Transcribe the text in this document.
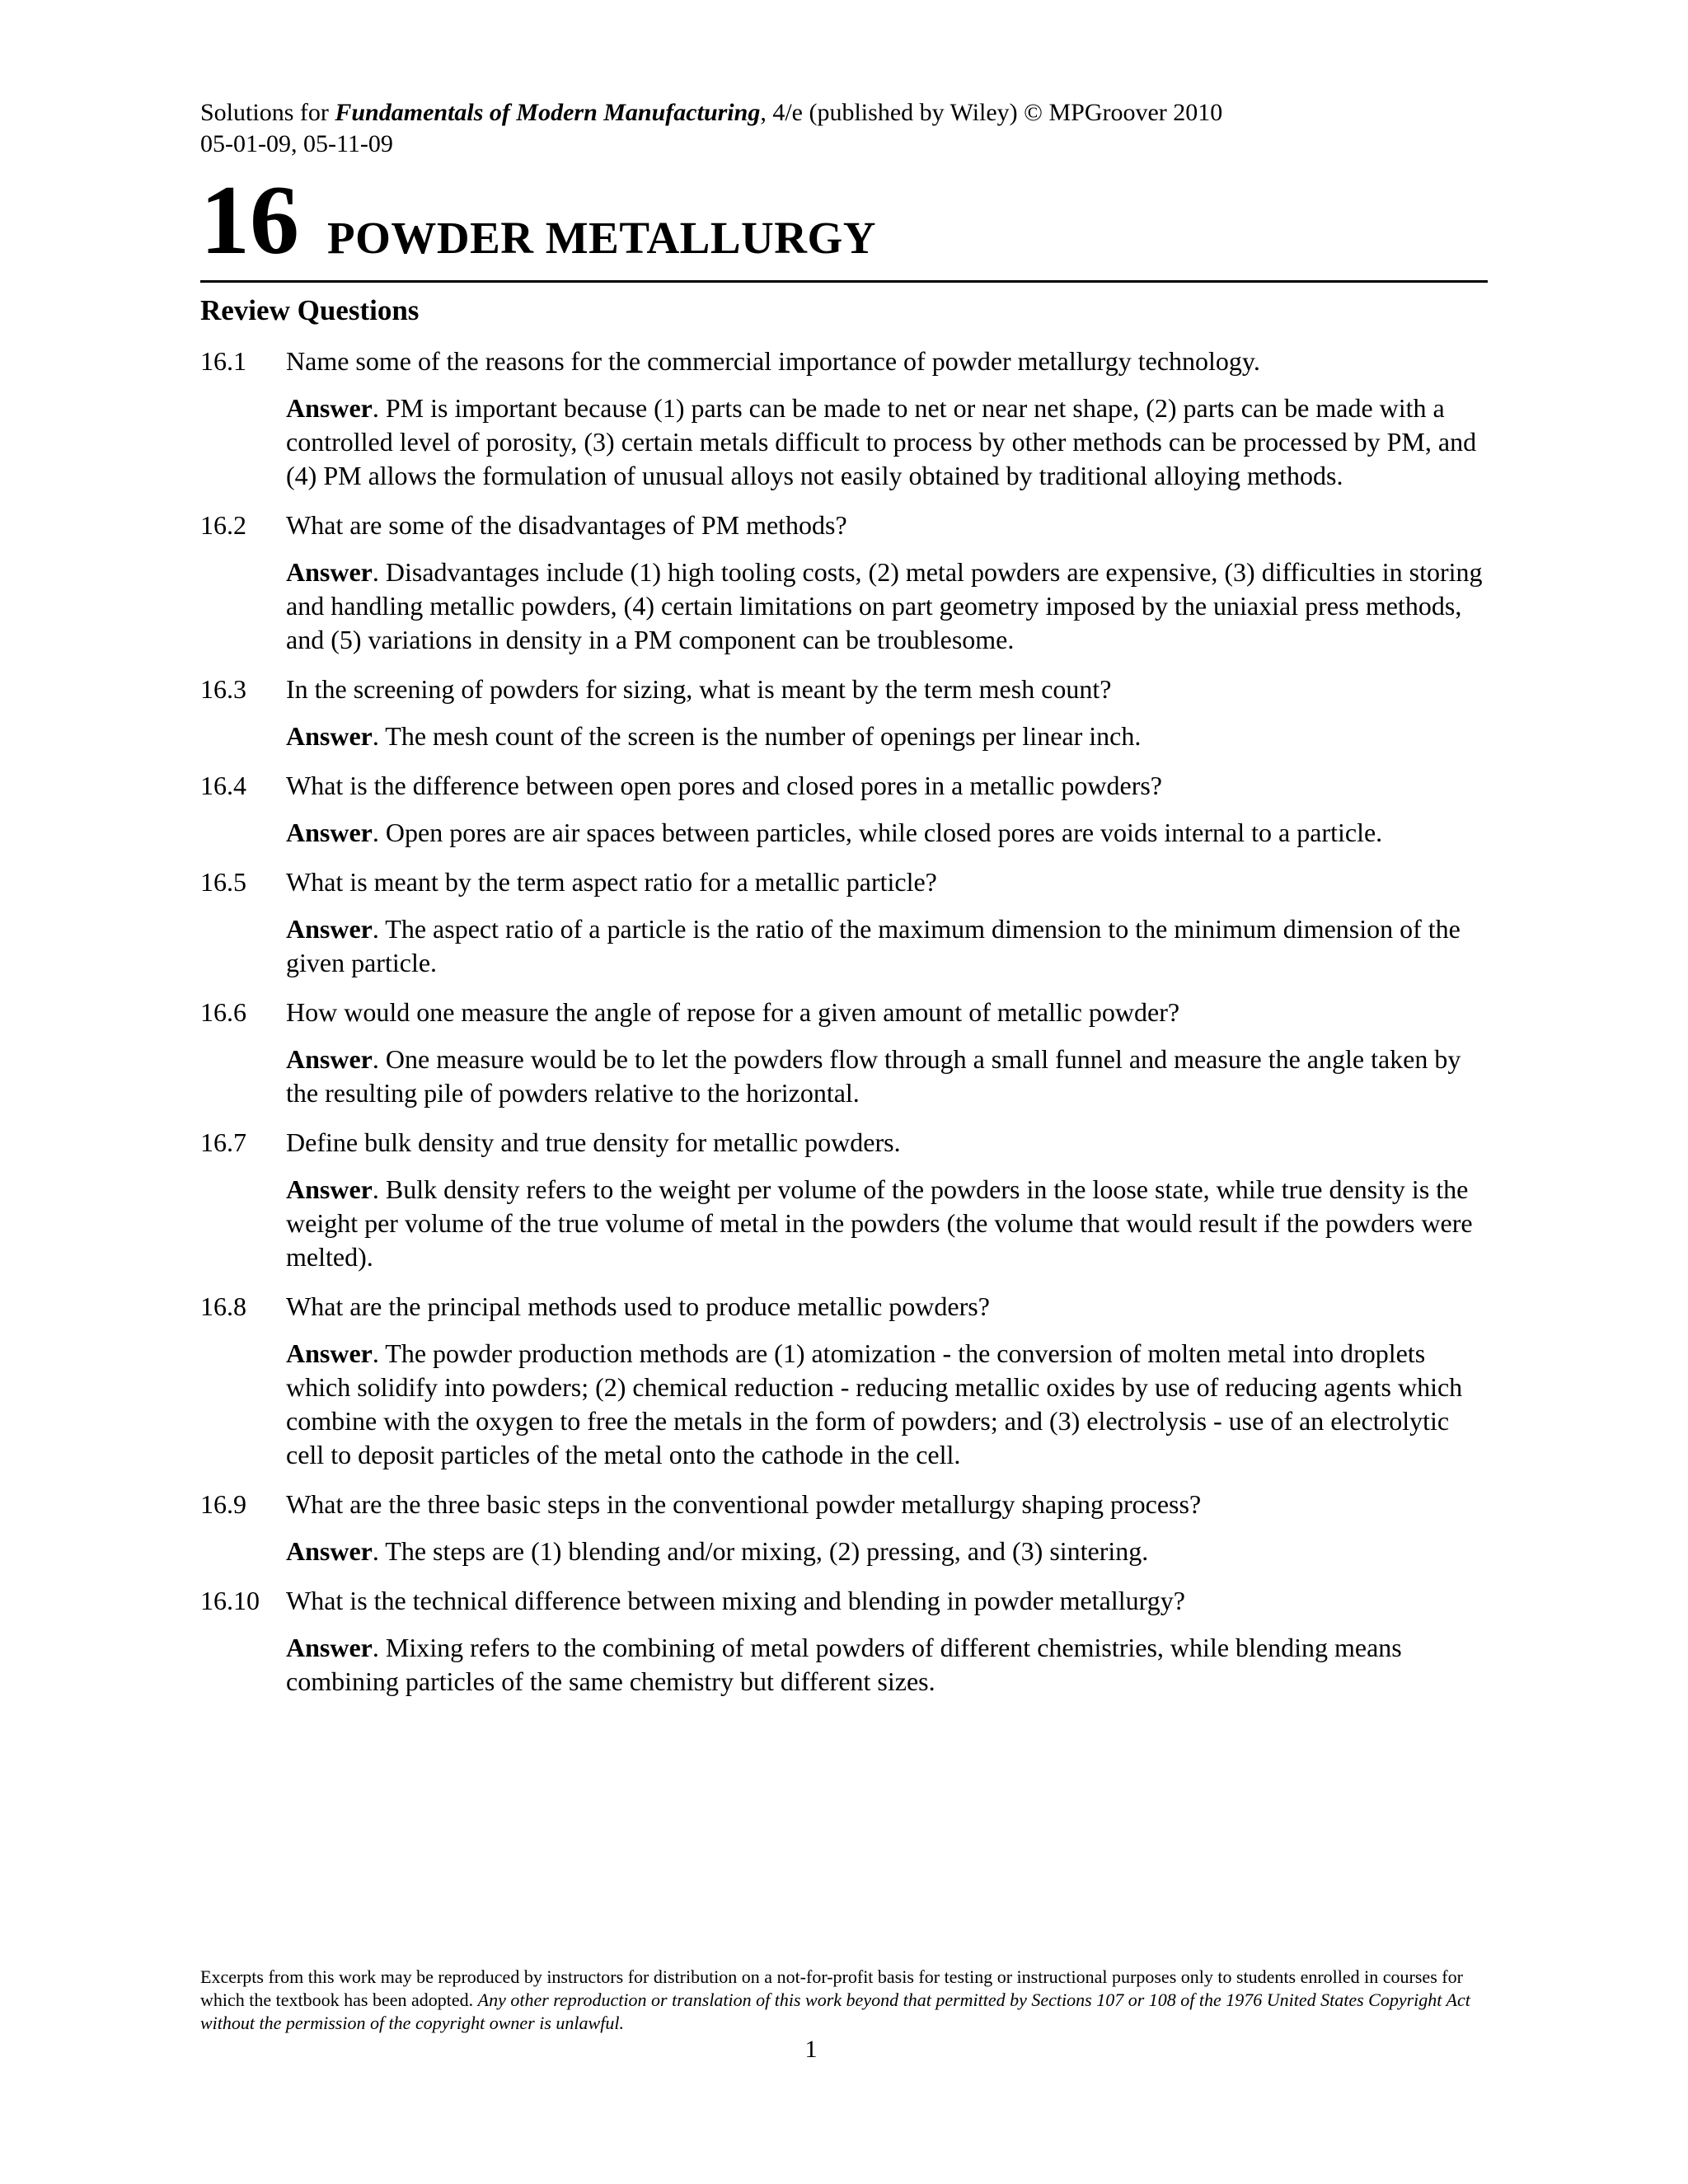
Solutions for Fundamentals of Modern Manufacturing, 4/e (published by Wiley) © MPGroover 2010
05-01-09, 05-11-09
16 POWDER METALLURGY
Review Questions
16.1	Name some of the reasons for the commercial importance of powder metallurgy technology.
Answer. PM is important because (1) parts can be made to net or near net shape, (2) parts can be made with a controlled level of porosity, (3) certain metals difficult to process by other methods can be processed by PM, and (4) PM allows the formulation of unusual alloys not easily obtained by traditional alloying methods.
16.2	What are some of the disadvantages of PM methods?
Answer. Disadvantages include (1) high tooling costs, (2) metal powders are expensive, (3) difficulties in storing and handling metallic powders, (4) certain limitations on part geometry imposed by the uniaxial press methods, and (5) variations in density in a PM component can be troublesome.
16.3	In the screening of powders for sizing, what is meant by the term mesh count?
Answer. The mesh count of the screen is the number of openings per linear inch.
16.4	What is the difference between open pores and closed pores in a metallic powders?
Answer. Open pores are air spaces between particles, while closed pores are voids internal to a particle.
16.5	What is meant by the term aspect ratio for a metallic particle?
Answer. The aspect ratio of a particle is the ratio of the maximum dimension to the minimum dimension of the given particle.
16.6	How would one measure the angle of repose for a given amount of metallic powder?
Answer. One measure would be to let the powders flow through a small funnel and measure the angle taken by the resulting pile of powders relative to the horizontal.
16.7	Define bulk density and true density for metallic powders.
Answer. Bulk density refers to the weight per volume of the powders in the loose state, while true density is the weight per volume of the true volume of metal in the powders (the volume that would result if the powders were melted).
16.8	What are the principal methods used to produce metallic powders?
Answer. The powder production methods are (1) atomization - the conversion of molten metal into droplets which solidify into powders; (2) chemical reduction - reducing metallic oxides by use of reducing agents which combine with the oxygen to free the metals in the form of powders; and (3) electrolysis - use of an electrolytic cell to deposit particles of the metal onto the cathode in the cell.
16.9	What are the three basic steps in the conventional powder metallurgy shaping process?
Answer. The steps are (1) blending and/or mixing, (2) pressing, and (3) sintering.
16.10	What is the technical difference between mixing and blending in powder metallurgy?
Answer. Mixing refers to the combining of metal powders of different chemistries, while blending means combining particles of the same chemistry but different sizes.
Excerpts from this work may be reproduced by instructors for distribution on a not-for-profit basis for testing or instructional purposes only to students enrolled in courses for which the textbook has been adopted. Any other reproduction or translation of this work beyond that permitted by Sections 107 or 108 of the 1976 United States Copyright Act without the permission of the copyright owner is unlawful.
1
